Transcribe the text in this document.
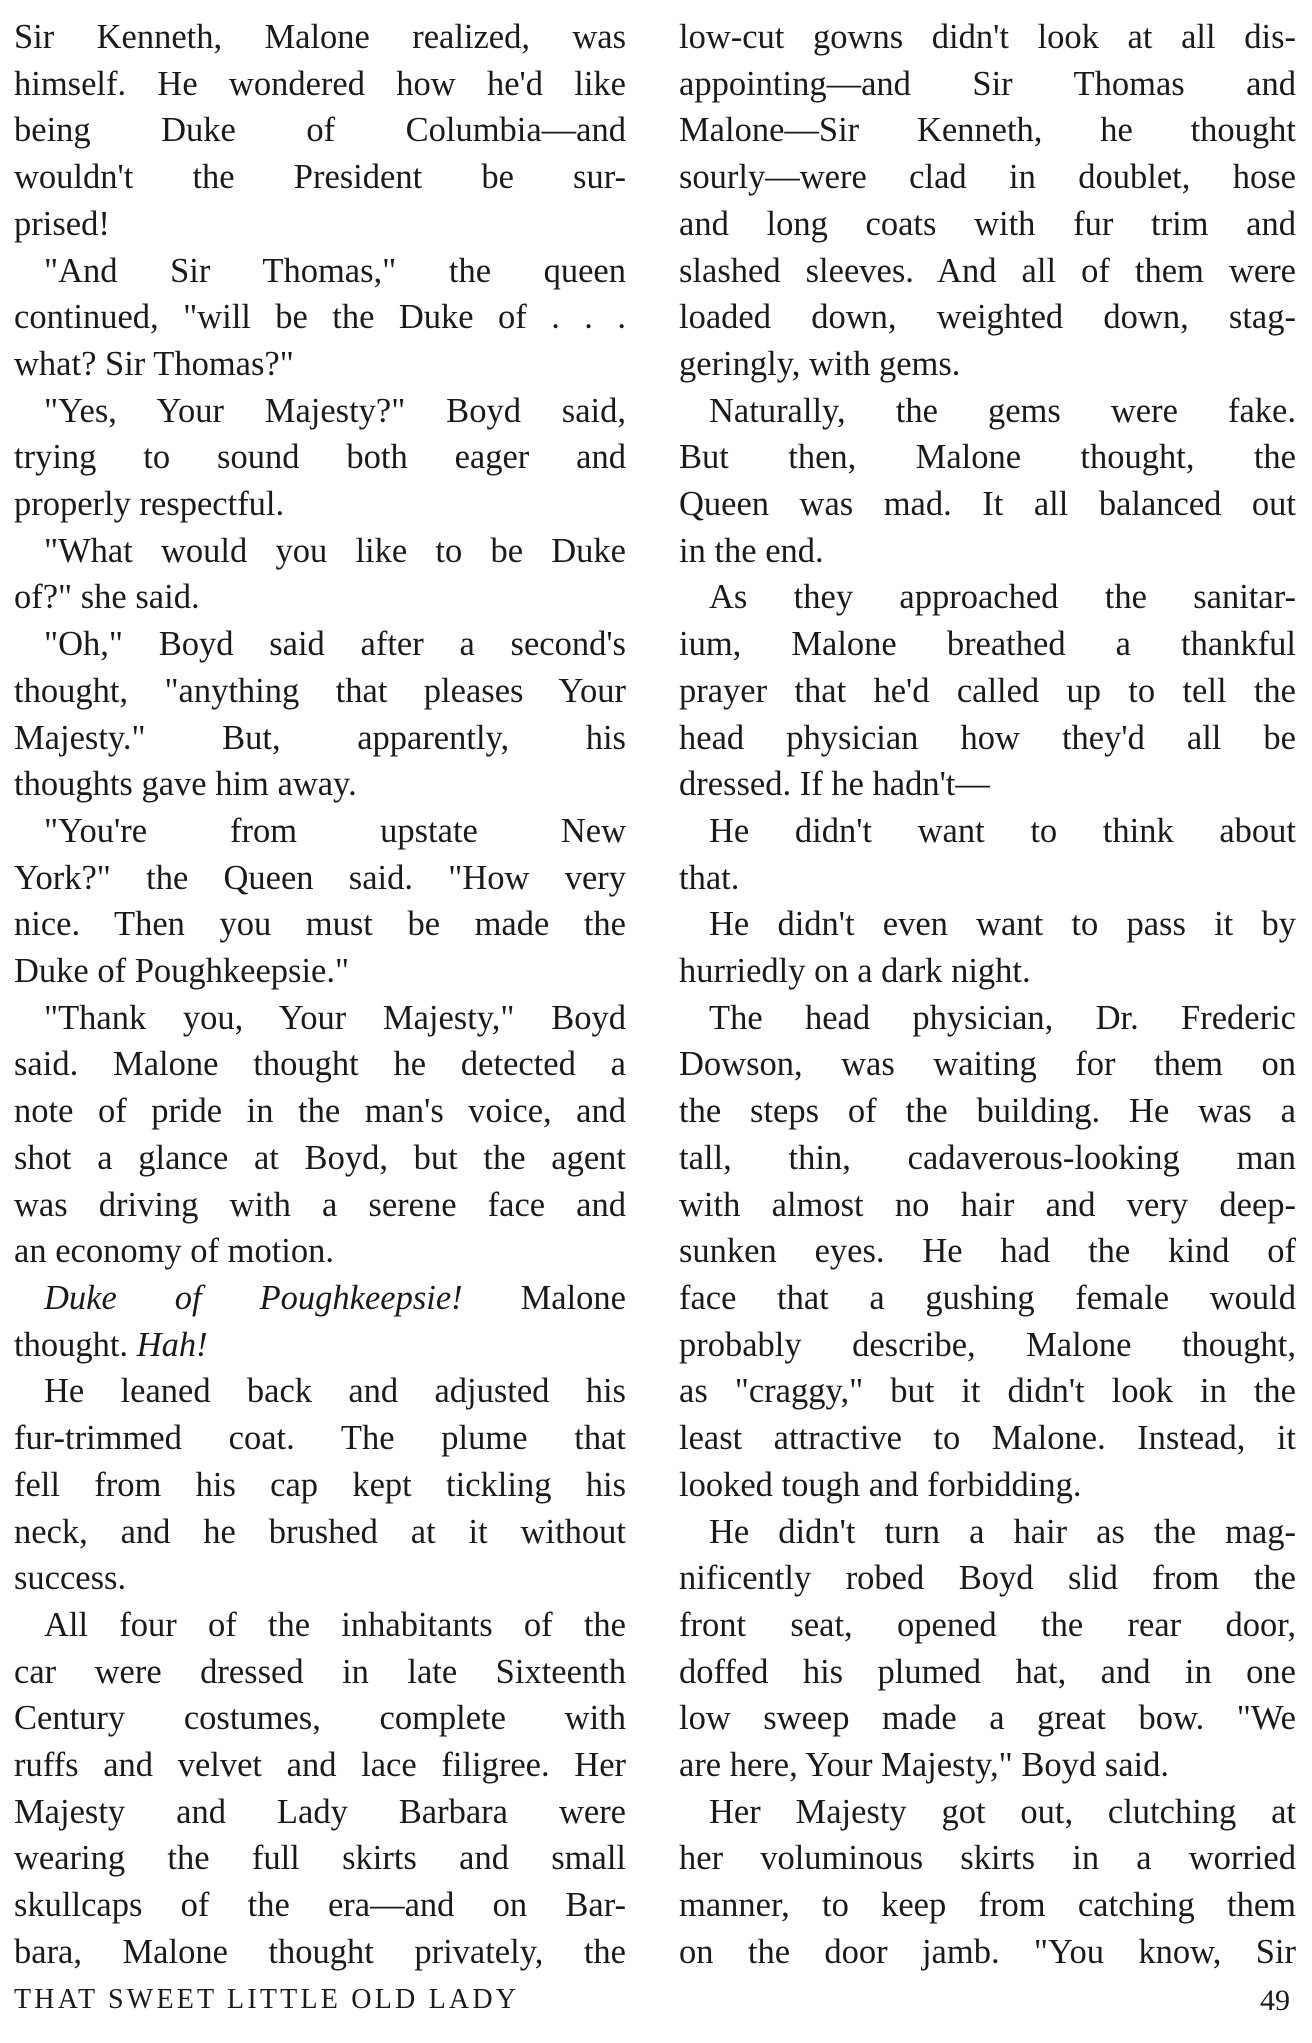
Sir Kenneth, Malone realized, was
himself. He wondered how he'd like
being Duke of Columbia—and
wouldn't the President be sur-
prised!

"And Sir Thomas," the queen
continued, "will be the Duke of . . .
what? Sir Thomas?"

"Yes, Your Majesty?" Boyd said,
trying to sound both eager and
properly respectful.

"What would you like to be Duke
of?" she said.

"Oh," Boyd said after a second's
thought, "anything that pleases Your
Majesty." But, apparently, his
thoughts gave him away.

"You're from upstate New
York?" the Queen said. "How very
nice. Then you must be made the
Duke of Poughkeepsie."

"Thank you, Your Majesty," Boyd
said. Malone thought he detected a
note of pride in the man's voice, and
shot a glance at Boyd, but the agent
was driving with a serene face and
an economy of motion.

Duke of Poughkeepsie! Malone
thought. Hah!

He leaned back and adjusted his
fur-trimmed coat. The plume that
fell from his cap kept tickling his
neck, and he brushed at it without
success.

All four of the inhabitants of the
car were dressed in late Sixteenth
Century costumes, complete with
ruffs and velvet and lace filigree. Her
Majesty and Lady Barbara were
wearing the full skirts and small
skullcaps of the era—and on Bar-
bara, Malone thought privately, the

low-cut gowns didn't look at all dis-
appointing—and Sir Thomas and
Malone—Sir Kenneth, he thought
sourly—were clad in doublet, hose
and long coats with fur trim and
slashed sleeves. And all of them were
loaded down, weighted down, stag-
geringly, with gems.

Naturally, the gems were fake.
But then, Malone thought, the
Queen was mad. It all balanced out
in the end.

As they approached the sanitar-
ium, Malone breathed a thankful
prayer that he'd called up to tell the
head physician how they'd all be
dressed. If he hadn't—

He didn't want to think about
that.

He didn't even want to pass it by
hurriedly on a dark night.

The head physician, Dr. Frederic
Dowson, was waiting for them on
the steps of the building. He was a
tall, thin, cadaverous-looking man
with almost no hair and very deep-
sunken eyes. He had the kind of
face that a gushing female would
probably describe, Malone thought,
as "craggy," but it didn't look in the
least attractive to Malone. Instead, it
looked tough and forbidding.

He didn't turn a hair as the mag-
nificently robed Boyd slid from the
front seat, opened the rear door,
doffed his plumed hat, and in one
low sweep made a great bow. "We
are here, Your Majesty," Boyd said.

Her Majesty got out, clutching at
her voluminous skirts in a worried
manner, to keep from catching them
on the door jamb. "You know, Sir

THAT SWEET LITTLE OLD LADY	49
